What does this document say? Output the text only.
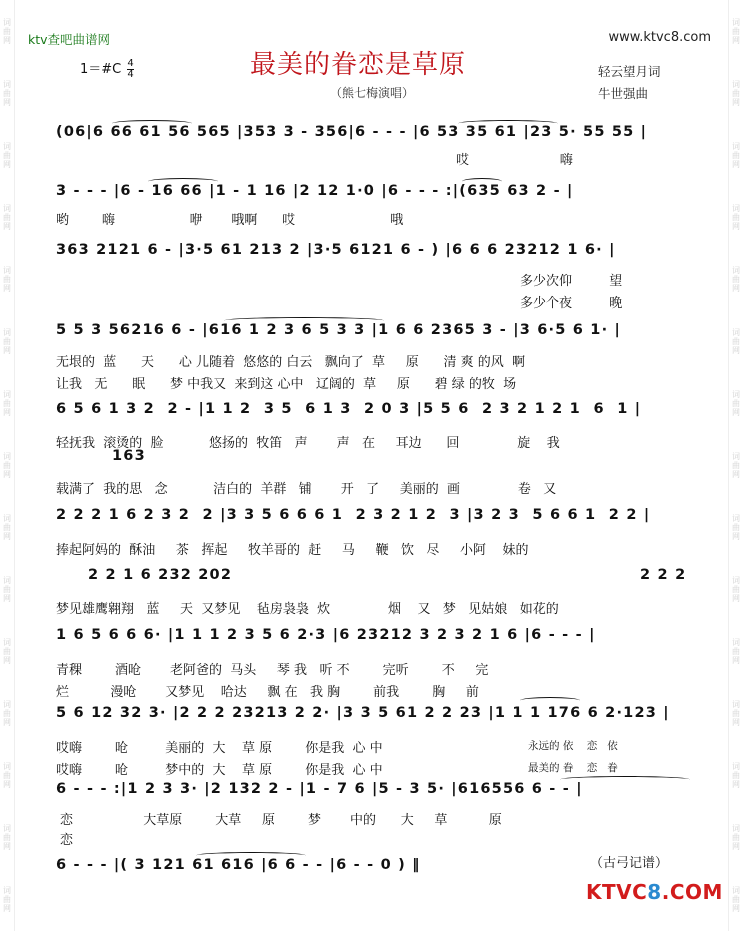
词
曲
网
词
曲
网
词
曲
网
词
曲
网
词
曲
网
词
曲
网
词
曲
网
词
曲
网
词
曲
网
词
曲
网
词
曲
网
词
曲
网
词
曲
网
词
曲
网
词
曲
网
词
曲
网
词
曲
网
词
曲
网
词
曲
网
词
曲
网
词
曲
网
词
曲
网
词
曲
网
词
曲
网
词
曲
网
词
曲
网
词
曲
网
词
曲
网
词
曲
网
词
曲
网
ktv查吧曲谱网	www.ktvc8.com
1＝#C $\frac{4}{4}$	最美的眷恋是草原
（熊七梅演唱）
轻云望月词
牛世强曲
(06|6 66 61 56 565 |353 3 - 356|6 - - - |6 53 35 61 |23 5· 55 55 |
3 - - - |6 - 16 66 |1 - 1 16 |2 12 1·0 |6 - - - :|(635 63 2 - |
363 2121 6 - |3·5 61 213 2 |3·5 6121 6 - ) |6 6 6 23212 1 6· |
5 5 3 56216 6 - |616 1 2 3 6 5 3 3 |1 6 6 2365 3 - |3 6·5 6 1· |
6 5 6 1 3 2  2 - |1 1 2  3 5  6 1 3  2 0 3 |5 5 6  2 3 2 1 2 1  6  1 |
163
2 2 2 1 6 2 3 2  2 |3 3 5 6 6 6 1  2 3 2 1 2  3 |3 2 3  5 6 6 1  2 2 |
2 2 1 6 232 202	2 2 2
1 6 5 6 6 6· |1 1 1 2 3 5 6 2·3 |6 23212 3 2 3 2 1 6 |6 - - - |
5 6 12 32 3· |2 2 2 23213 2 2· |3 3 5 61 2 2 23 |1 1 1 176 6 2·123 |
6 - - - :|1 2 3 3· |2 132 2 - |1 - 7 6 |5 - 3 5· |616556 6 - - |
6 - - - |( 3 121 61 616 |6 6 - - |6 - - 0 ) ‖
哎                      嗨
哟        嗨                  咿       哦啊      哎                       哦
多少次仰         望
多少个夜         晚
无垠的  蓝      天      心 儿随着  悠悠的 白云   飘向了  草     原      清 爽 的风  啊
让我   无      眠      梦 中我又  来到这 心中   辽阔的  草     原      碧 绿 的牧  场
轻抚我  滚烫的  脸           悠扬的  牧笛   声       声   在     耳边      回              旋    我
载满了  我的思   念           洁白的  羊群   铺       开   了     美丽的  画              卷   又
捧起阿妈的  酥油     茶   挥起     牧羊哥的  赶     马     鞭   饮   尽     小阿    妹的
梦见雄鹰翱翔   蓝     天  又梦见    毡房袅袅  炊              烟    又   梦   见姑娘   如花的
青稞        酒呛       老阿爸的  马头     琴 我   听 不        完听        不     完
烂          漫呛       又梦见    哈达     飘 在   我 胸        前我        胸     前
哎嗨        呛         美丽的  大    草 原        你是我  心 中
哎嗨        呛         梦中的  大    草 原        你是我  心 中
恋                 大草原        大草     原        梦       中的      大     草          原
恋
永远的 依    恋   依
最美的 眷    恋   眷
（古弓记谱）
KTVC8.COM
